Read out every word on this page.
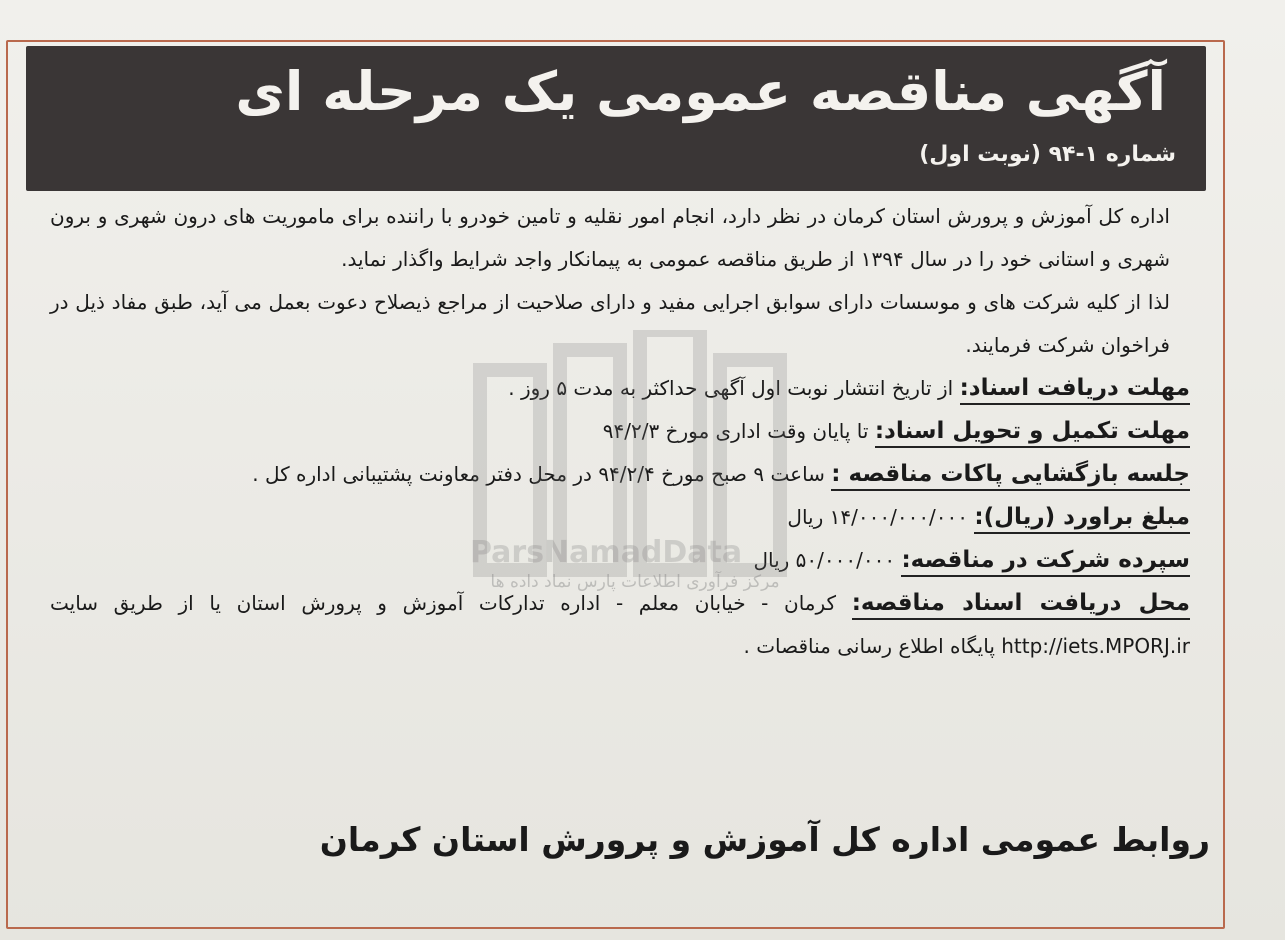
آگهی مناقصه عمومی یک مرحله ای
شماره ۱-۹۴ (نوبت اول)

اداره کل آموزش و پرورش استان کرمان در نظر دارد، انجام امور نقلیه و تامین خودرو با راننده برای ماموریت های درون شهری و برون شهری و استانی خود را در سال ۱۳۹۴ از طریق مناقصه عمومی به پیمانکار واجد شرایط واگذار نماید.

لذا از کلیه شرکت های و موسسات دارای سوابق اجرایی مفید و دارای صلاحیت از مراجع ذیصلاح دعوت بعمل می آید، طبق مفاد ذیل در فراخوان شرکت فرمایند.

مهلت دریافت اسناد: از تاریخ انتشار نوبت اول آگهی حداکثر به مدت ۵ روز .

مهلت تکمیل و تحویل اسناد: تا پایان وقت اداری مورخ ۹۴/۲/۳

جلسه بازگشایی پاکات مناقصه : ساعت ۹ صبح مورخ ۹۴/۲/۴ در محل دفتر معاونت پشتیبانی اداره کل .

مبلغ براورد (ریال): ۱۴/۰۰۰/۰۰۰/۰۰۰ ریال

سپرده شرکت در مناقصه: ۵۰/۰۰۰/۰۰۰ ریال

محل دریافت اسناد مناقصه: کرمان - خیابان معلم - اداره تدارکات آموزش و پرورش استان یا از طریق سایت http://iets.MPORJ.ir پایگاه اطلاع رسانی مناقصات .

روابط عمومی اداره کل آموزش و پرورش استان کرمان
ParsNamadData
مرکز فرآوری اطلاعات پارس نماد داده ها
